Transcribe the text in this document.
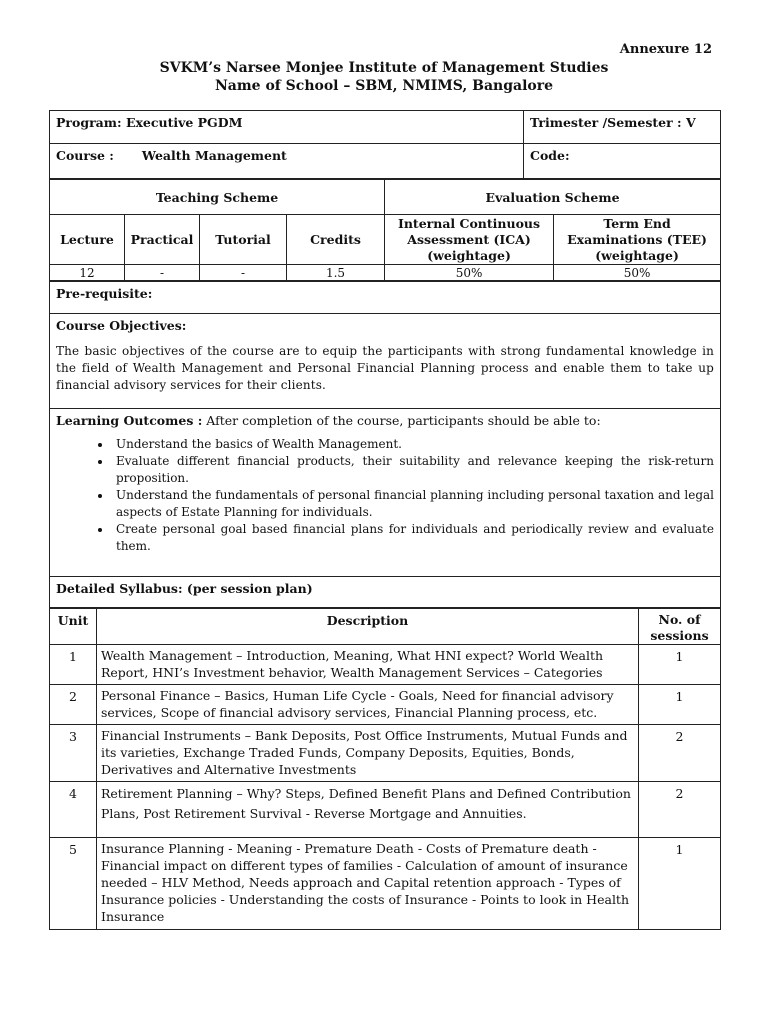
Annexure 12
SVKM’s Narsee Monjee Institute of Management Studies
Name of School – SBM, NMIMS, Bangalore
Program: Executive PGDM	Trimester /Semester : V
Course : Wealth Management	Code:
Teaching Scheme				Evaluation Scheme	
Lecture	Practical	Tutorial	Credits	Internal Continuous Assessment (ICA) (weightage)	Term End Examinations (TEE) (weightage)
12	-	-	1.5	50%	50%
Pre-requisite:

Course Objectives:

The basic objectives of the course are to equip the participants with strong fundamental knowledge in the field of Wealth Management and Personal Financial Planning process and enable them to take up financial advisory services for their clients.

Learning Outcomes : After completion of the course, participants should be able to:
• Understand the basics of Wealth Management.
• Evaluate different financial products, their suitability and relevance keeping the risk-return proposition.
• Understand the fundamentals of personal financial planning including personal taxation and legal aspects of Estate Planning for individuals.
• Create personal goal based financial plans for individuals and periodically review and evaluate them.

Detailed Syllabus: (per session plan)
Unit	Description	No. of sessions
1	Wealth Management – Introduction, Meaning, What HNI expect? World Wealth Report, HNI’s Investment behavior, Wealth Management Services – Categories	1
2	Personal Finance – Basics, Human Life Cycle - Goals, Need for financial advisory services, Scope of financial advisory services, Financial Planning process, etc.	1
3	Financial Instruments – Bank Deposits, Post Office Instruments, Mutual Funds and its varieties, Exchange Traded Funds, Company Deposits, Equities, Bonds, Derivatives and Alternative Investments	2
4	Retirement Planning – Why? Steps, Defined Benefit Plans and Defined Contribution Plans, Post Retirement Survival - Reverse Mortgage and Annuities.	2
5	Insurance Planning - Meaning - Premature Death - Costs of Premature death - Financial impact on different types of families - Calculation of amount of insurance needed – HLV Method, Needs approach and Capital retention approach - Types of Insurance policies - Understanding the costs of Insurance - Points to look in Health Insurance	1
